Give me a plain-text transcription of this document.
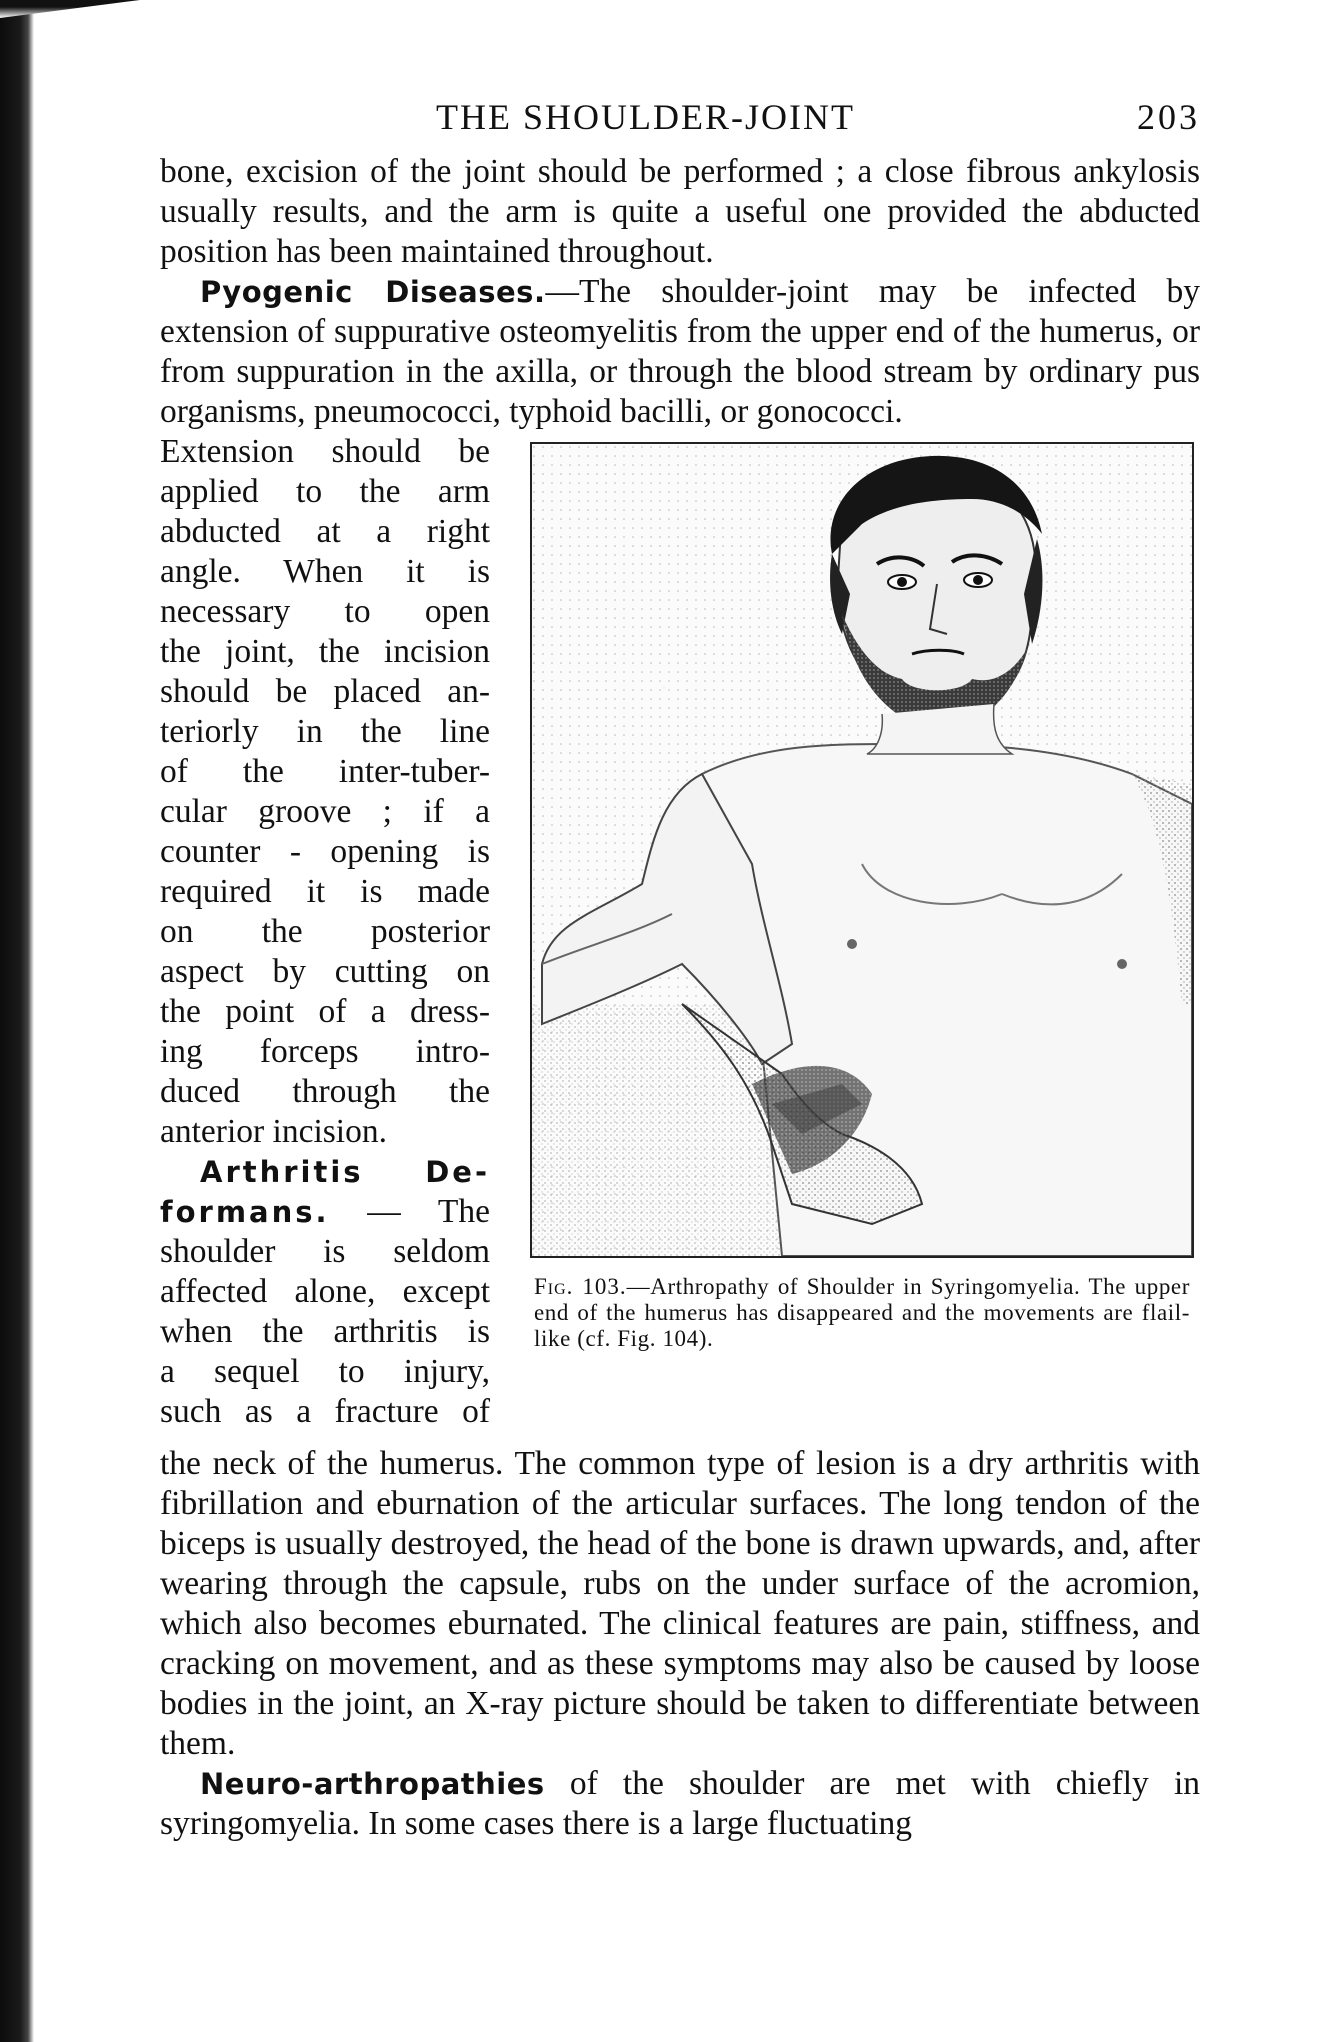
THE SHOULDER-JOINT	203

bone, excision of the joint should be performed ; a close fibrous ankylosis usually results, and the arm is quite a useful one provided the abducted position has been maintained throughout.

Pyogenic Diseases.—The shoulder-joint may be infected by extension of suppurative osteomyelitis from the upper end of the humerus, or from suppuration in the axilla, or through the blood stream by ordinary pus organisms, pneumococci, typhoid bacilli, or gonococci.

Extension should be
applied to the arm
abducted at a right
angle. When it is
necessary to open
the joint, the incision
should be placed an-
teriorly in the line
of the inter-tuber-
cular groove ; if a
counter - opening is
required it is made
on the posterior
aspect by cutting on
the point of a dress-
ing forceps intro-
duced through the
anterior incision.
Arthritis De-
formans. — The
shoulder is seldom
affected alone, except
when the arthritis is
a sequel to injury,
such as a fracture of
Fig. 103.—Arthropathy of Shoulder in Syringomyelia. The upper end of the humerus has disappeared and the movements are flail-like (cf. Fig. 104).

the neck of the humerus. The common type of lesion is a dry arthritis with fibrillation and eburnation of the articular surfaces. The long tendon of the biceps is usually destroyed, the head of the bone is drawn upwards, and, after wearing through the capsule, rubs on the under surface of the acromion, which also becomes eburnated. The clinical features are pain, stiffness, and cracking on movement, and as these symptoms may also be caused by loose bodies in the joint, an X-ray picture should be taken to differentiate between them.

Neuro-arthropathies of the shoulder are met with chiefly in syringomyelia. In some cases there is a large fluctuating
